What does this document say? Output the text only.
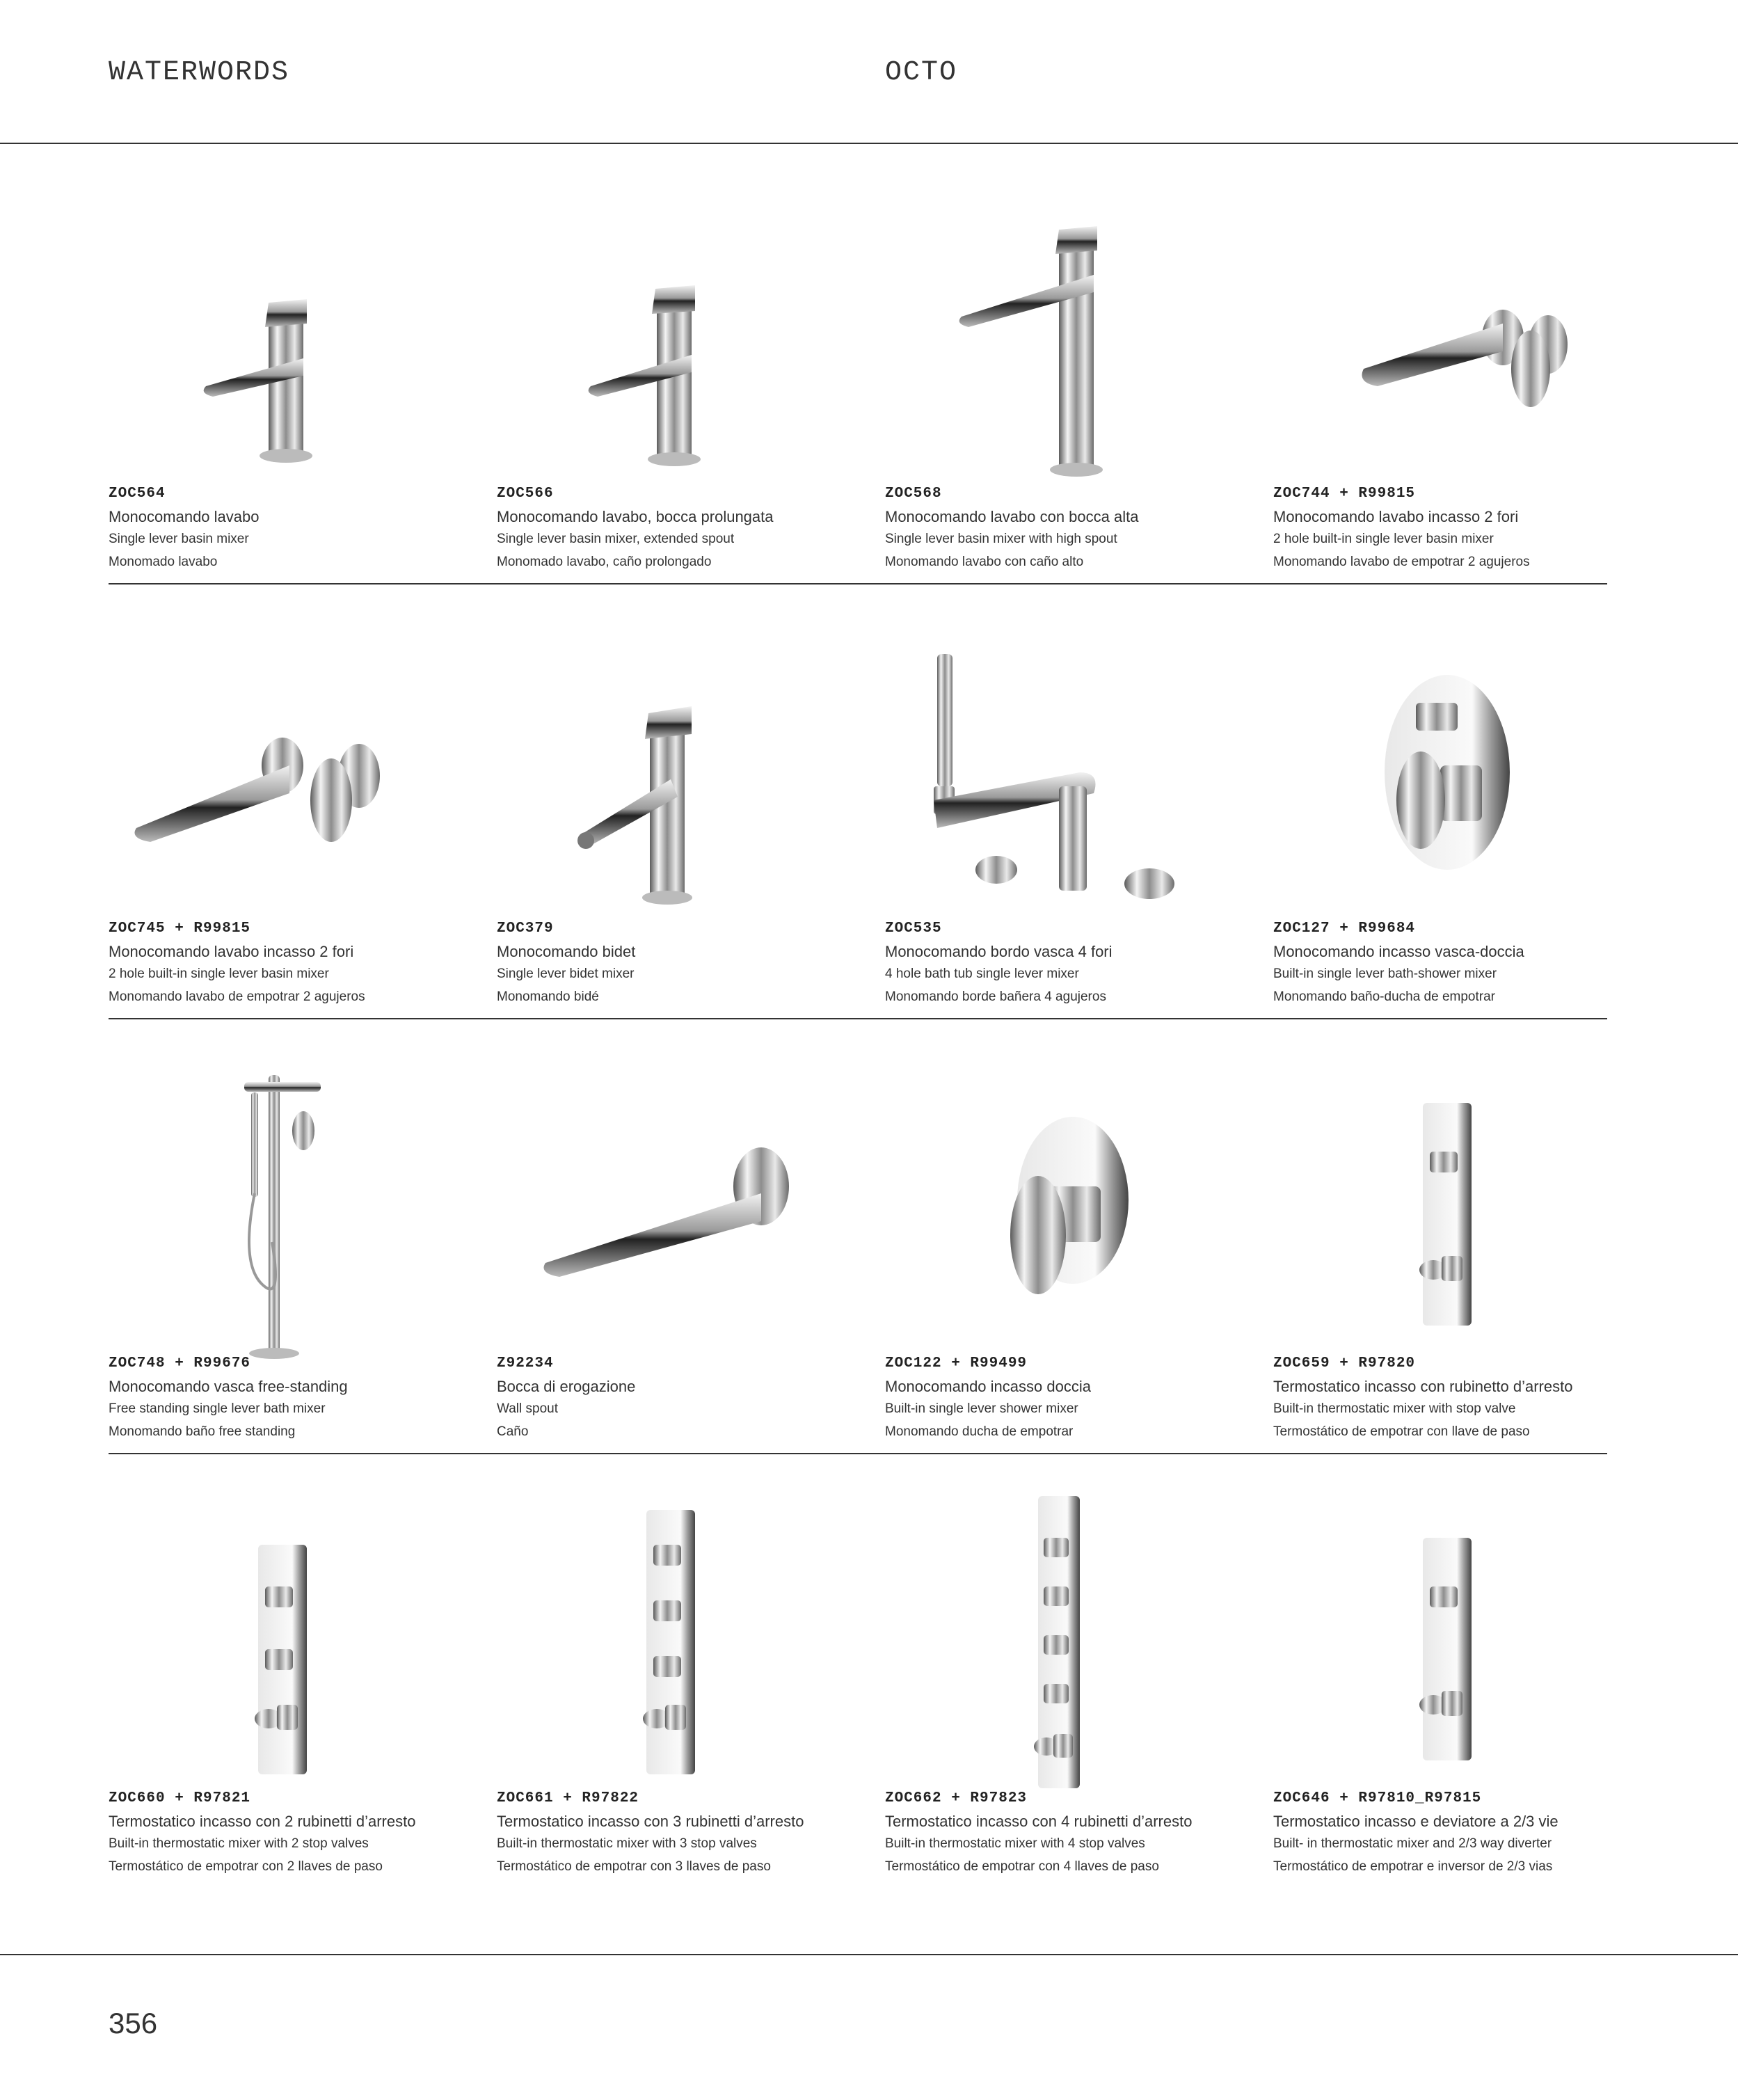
WATERWORDS	OCTO
356
ZOC564
Monocomando lavabo
Single lever basin mixer
Monomado lavabo
ZOC566
Monocomando lavabo, bocca prolungata
Single lever basin mixer, extended spout
Monomado lavabo, caño prolongado
ZOC568
Monocomando lavabo con bocca alta
Single lever basin mixer with high spout
Monomando lavabo con caño alto
ZOC744 + R99815
Monocomando lavabo incasso 2 fori
2 hole built-in single lever basin mixer
Monomando lavabo de empotrar 2 agujeros
ZOC745 + R99815
Monocomando lavabo incasso 2 fori
2 hole built-in single lever basin mixer
Monomando lavabo de empotrar 2 agujeros
ZOC379
Monocomando bidet
Single lever bidet mixer
Monomando bidé
ZOC535
Monocomando bordo vasca 4 fori
4 hole bath tub single lever mixer
Monomando borde bañera 4 agujeros
ZOC127 + R99684
Monocomando incasso vasca-doccia
Built-in single lever bath-shower mixer
Monomando baño-ducha de empotrar
ZOC748 + R99676
Monocomando vasca free-standing
Free standing single lever bath mixer
Monomando baño free standing
Z92234
Bocca di erogazione
Wall spout
Caño
ZOC122 + R99499
Monocomando incasso doccia
Built-in single lever shower mixer
Monomando ducha de empotrar
ZOC659 + R97820
Termostatico incasso con rubinetto d’arresto
Built-in thermostatic mixer with stop valve
Termostático de empotrar con llave de paso
ZOC660 + R97821
Termostatico incasso con 2 rubinetti d’arresto
Built-in thermostatic mixer with 2 stop valves
Termostático de empotrar con 2 llaves de paso
ZOC661 + R97822
Termostatico incasso con 3 rubinetti d’arresto
Built-in thermostatic mixer with 3 stop valves
Termostático de empotrar con 3 llaves de paso
ZOC662 + R97823
Termostatico incasso con 4 rubinetti d’arresto
Built-in thermostatic mixer with 4 stop valves
Termostático de empotrar con 4 llaves de paso
ZOC646 + R97810_R97815
Termostatico incasso e deviatore a 2/3 vie
Built- in thermostatic mixer and 2/3 way diverter
Termostático de empotrar e inversor de 2/3 vias
